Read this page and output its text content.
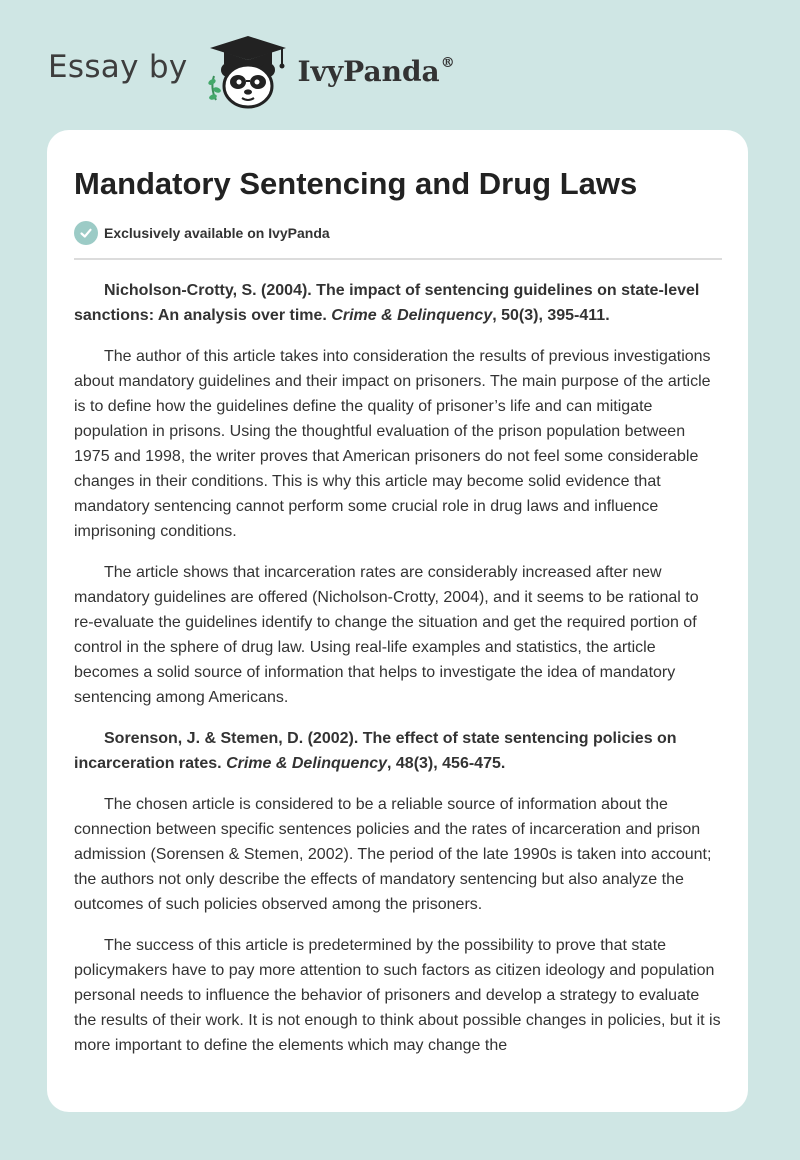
Essay by	IvyPanda®
Mandatory Sentencing and Drug Laws
Exclusively available on IvyPanda

Nicholson-Crotty, S. (2004). The impact of sentencing guidelines on state-level sanctions: An analysis over time. Crime & Delinquency, 50(3), 395-411.

The author of this article takes into consideration the results of previous investigations about mandatory guidelines and their impact on prisoners. The main purpose of the article is to define how the guidelines define the quality of prisoner’s life and can mitigate population in prisons. Using the thoughtful evaluation of the prison population between 1975 and 1998, the writer proves that American prisoners do not feel some considerable changes in their conditions. This is why this article may become solid evidence that mandatory sentencing cannot perform some crucial role in drug laws and influence imprisoning conditions.

The article shows that incarceration rates are considerably increased after new mandatory guidelines are offered (Nicholson-Crotty, 2004), and it seems to be rational to re-evaluate the guidelines identify to change the situation and get the required portion of control in the sphere of drug law. Using real-life examples and statistics, the article becomes a solid source of information that helps to investigate the idea of mandatory sentencing among Americans.

Sorenson, J. & Stemen, D. (2002). The effect of state sentencing policies on incarceration rates. Crime & Delinquency, 48(3), 456-475.

The chosen article is considered to be a reliable source of information about the connection between specific sentences policies and the rates of incarceration and prison admission (Sorensen & Stemen, 2002). The period of the late 1990s is taken into account; the authors not only describe the effects of mandatory sentencing but also analyze the outcomes of such policies observed among the prisoners.

The success of this article is predetermined by the possibility to prove that state policymakers have to pay more attention to such factors as citizen ideology and population personal needs to influence the behavior of prisoners and develop a strategy to evaluate the results of their work. It is not enough to think about possible changes in policies, but it is more important to define the elements which may change the
